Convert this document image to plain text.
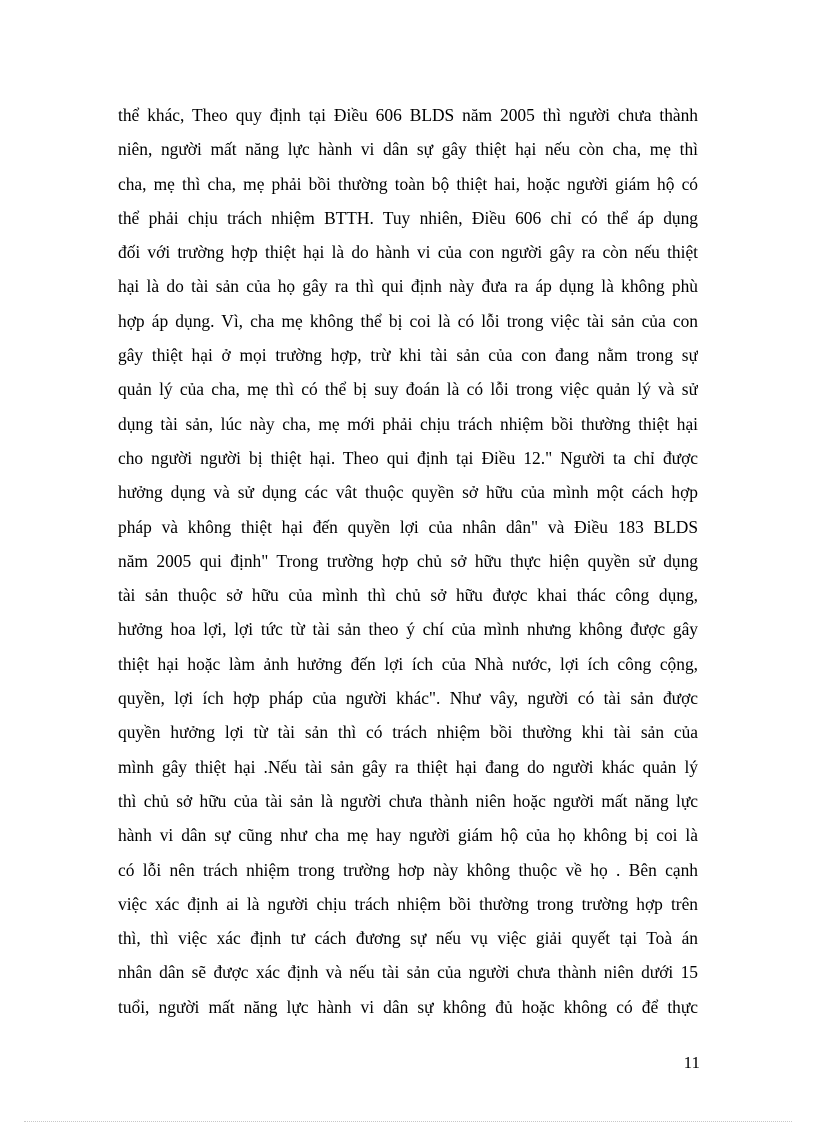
thể khác, Theo quy định tại Điều 606 BLDS năm 2005 thì người chưa thành
niên, người mất năng lực hành vi dân sự gây thiệt hại nếu còn cha, mẹ thì
cha, mẹ thì cha, mẹ phải bồi thường toàn bộ thiệt hai, hoặc người giám hộ có
thể phải chịu trách nhiệm BTTH. Tuy nhiên, Điều 606 chỉ có thể áp dụng
đối với trường hợp thiệt hại là do hành vi của con người gây ra còn nếu thiệt
hại là do tài sản của họ gây ra thì qui định này đưa ra áp dụng là không phù
hợp áp dụng. Vì, cha mẹ không thể bị coi là có lỗi trong việc tài sản của con
gây thiệt hại ở mọi trường hợp, trừ khi tài sản của con đang nằm trong sự
quản lý của cha, mẹ thì có thể bị suy đoán là có lỗi trong việc quản lý và sử
dụng tài sản, lúc này cha, mẹ mới phải chịu trách nhiệm bồi thường thiệt hại
cho người người bị thiệt hại. Theo qui định tại Điều 12." Người ta chỉ được
hưởng dụng và sử dụng các vât thuộc quyền sở hữu của mình một cách hợp
pháp và không thiệt hại đến quyền lợi của nhân dân" và Điều 183 BLDS
năm 2005 qui định" Trong trường hợp chủ sở hữu thực hiện quyền sử dụng
tài sản thuộc sở hữu của mình thì chủ sở hữu được khai thác công dụng,
hưởng hoa lợi, lợi tức từ tài sản theo ý chí của mình nhưng không được gây
thiệt hại hoặc làm ảnh hưởng đến lợi ích của Nhà nước, lợi ích công cộng,
quyền, lợi ích hợp pháp của người khác". Như vây, người có tài sản được
quyền hưởng lợi từ tài sản thì có trách nhiệm bồi thường khi tài sản của
mình gây thiệt hại .Nếu tài sản gây ra thiệt hại đang do người khác quản lý
thì chủ sở hữu của tài sản là người chưa thành niên hoặc người mất năng lực
hành vi dân sự cũng như cha mẹ hay người giám hộ của họ không bị coi là
có lỗi nên trách nhiệm trong trường hơp này không thuộc về họ . Bên cạnh
việc xác định ai là người chịu trách nhiệm bồi thường trong trường hợp trên
thì, thì việc xác định tư cách đương sự nếu vụ việc giải quyết tại Toà án
nhân dân sẽ được xác định và nếu tài sản của người chưa thành niên dưới 15
tuổi, người mất năng lực hành vi dân sự không đủ hoặc không có để thực
11
